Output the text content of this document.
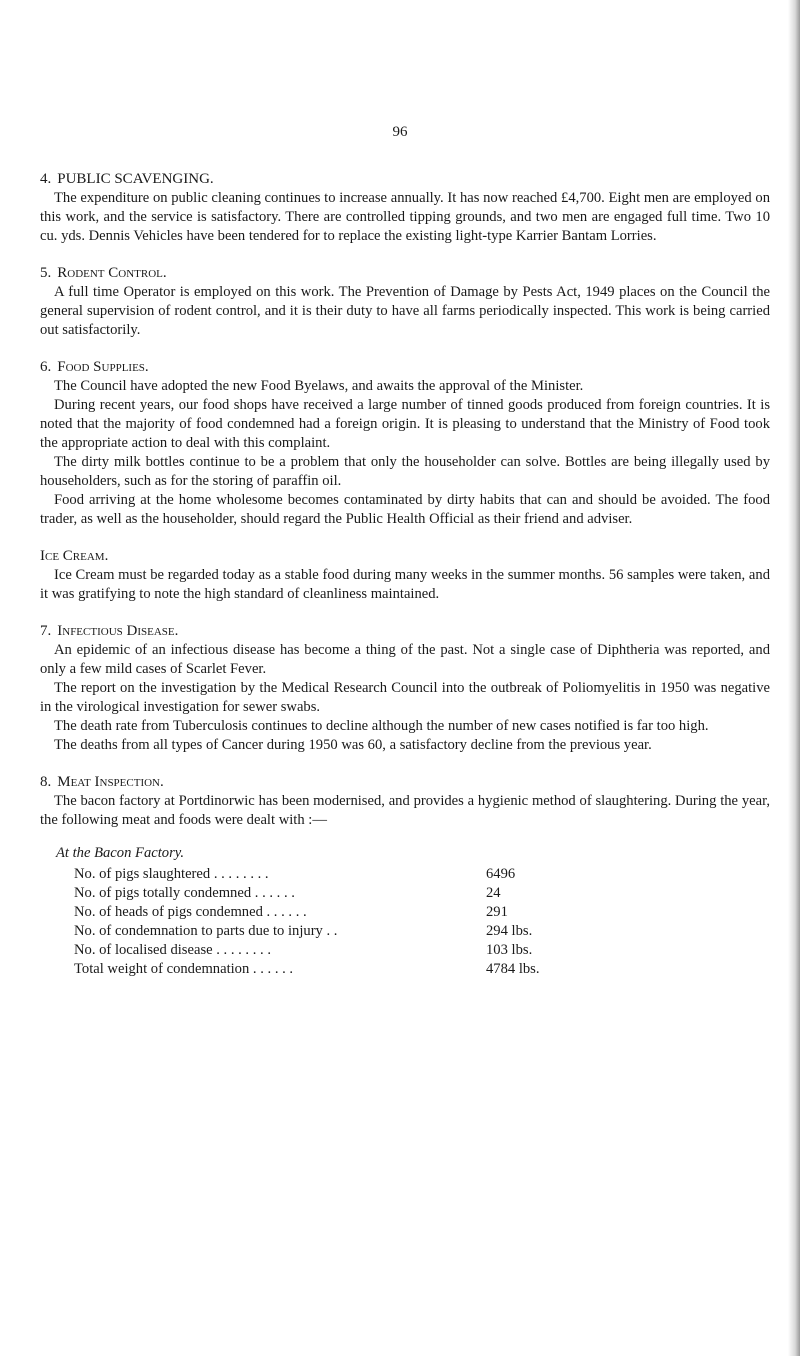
96

4. PUBLIC SCAVENGING.

The expenditure on public cleaning continues to increase annually. It has now reached £4,700. Eight men are employed on this work, and the service is satisfactory. There are controlled tipping grounds, and two men are engaged full time. Two 10 cu. yds. Dennis Vehicles have been tendered for to replace the existing light-type Karrier Bantam Lorries.

5. Rodent Control.

A full time Operator is employed on this work. The Prevention of Damage by Pests Act, 1949 places on the Council the general supervision of rodent control, and it is their duty to have all farms periodically inspected. This work is being carried out satisfactorily.

6. Food Supplies.

The Council have adopted the new Food Byelaws, and awaits the approval of the Minister.

During recent years, our food shops have received a large number of tinned goods produced from foreign countries. It is noted that the majority of food condemned had a foreign origin. It is pleasing to understand that the Ministry of Food took the appropriate action to deal with this complaint.

The dirty milk bottles continue to be a problem that only the householder can solve. Bottles are being illegally used by householders, such as for the storing of paraffin oil.

Food arriving at the home wholesome becomes contaminated by dirty habits that can and should be avoided. The food trader, as well as the householder, should regard the Public Health Official as their friend and adviser.

Ice Cream.

Ice Cream must be regarded today as a stable food during many weeks in the summer months. 56 samples were taken, and it was gratifying to note the high standard of cleanliness maintained.

7. Infectious Disease.

An epidemic of an infectious disease has become a thing of the past. Not a single case of Diphtheria was reported, and only a few mild cases of Scarlet Fever.

The report on the investigation by the Medical Research Council into the outbreak of Poliomyelitis in 1950 was negative in the virological investigation for sewer swabs.

The death rate from Tuberculosis continues to decline although the number of new cases notified is far too high.

The deaths from all types of Cancer during 1950 was 60, a satisfactory decline from the previous year.

8. Meat Inspection.

The bacon factory at Portdinorwic has been modernised, and provides a hygienic method of slaughtering. During the year, the following meat and foods were dealt with :—

At the Bacon Factory.

No. of pigs slaughtered . . . . . . . .	6496
No. of pigs totally condemned . . . . . .	24
No. of heads of pigs condemned . . . . . .	291
No. of condemnation to parts due to injury . .	294 lbs.
No. of localised disease . . . . . . . .	103 lbs.
Total weight of condemnation . . . . . .	4784 lbs.
